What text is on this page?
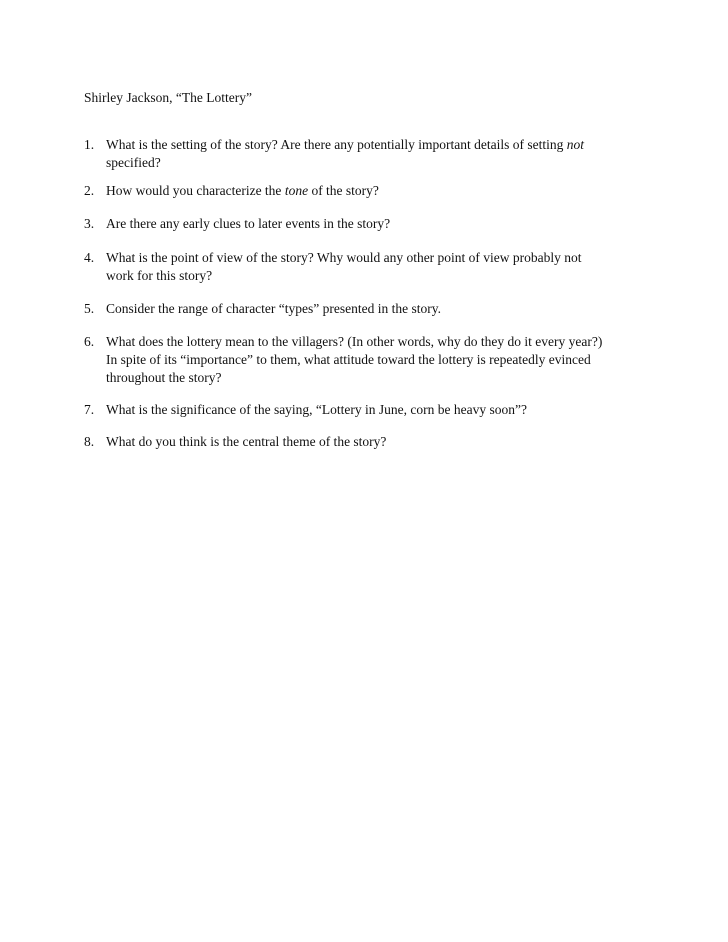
Shirley Jackson, “The Lottery”
1. What is the setting of the story? Are there any potentially important details of setting not
specified?
2. How would you characterize the tone of the story?
3. Are there any early clues to later events in the story?
4. What is the point of view of the story? Why would any other point of view probably not
work for this story?
5. Consider the range of character “types” presented in the story.
6. What does the lottery mean to the villagers? (In other words, why do they do it every year?)
In spite of its “importance” to them, what attitude toward the lottery is repeatedly evinced
throughout the story?
7. What is the significance of the saying, “Lottery in June, corn be heavy soon”?
8. What do you think is the central theme of the story?
